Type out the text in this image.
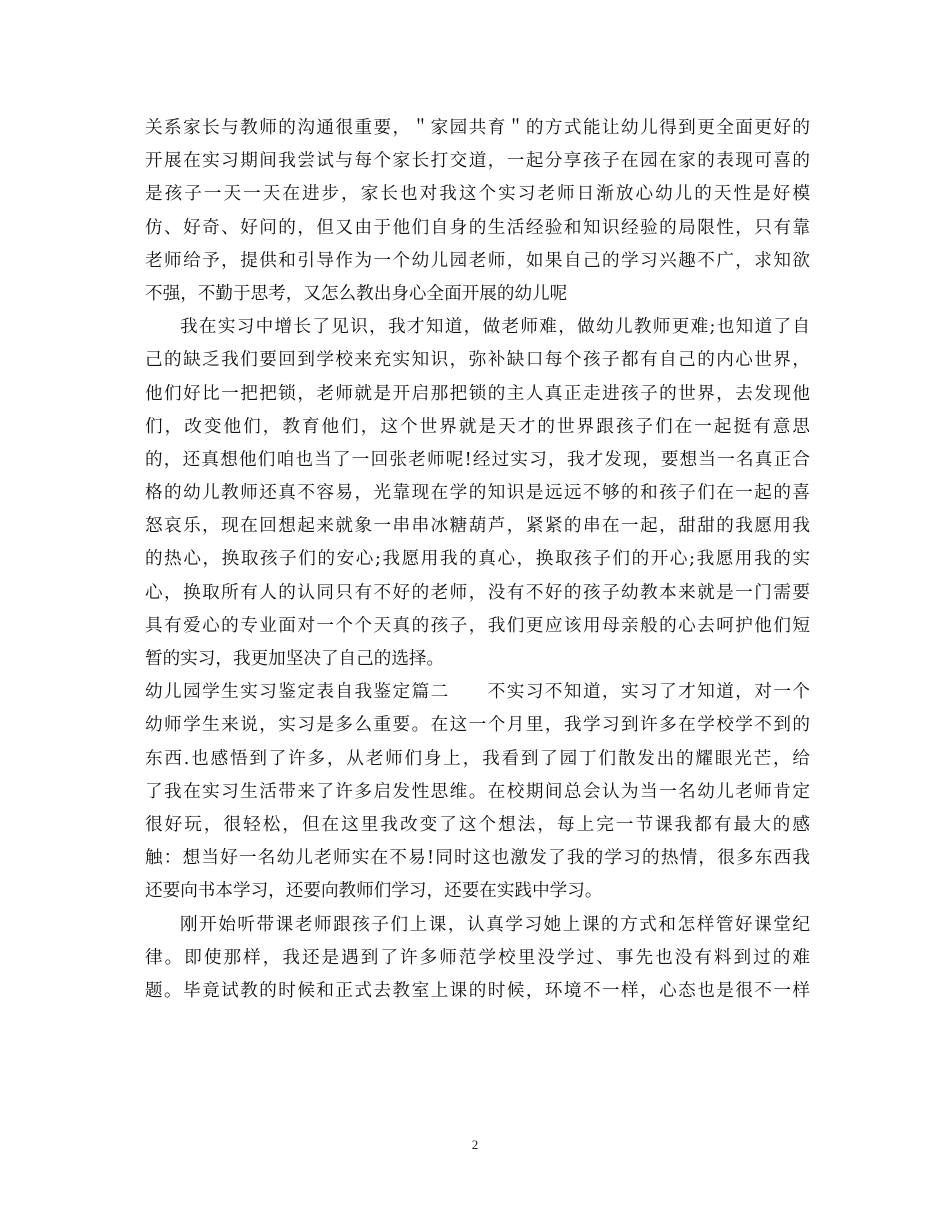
关系家长与教师的沟通很重要，＂家园共育＂的方式能让幼儿得到更全面更好的
开展在实习期间我尝试与每个家长打交道，一起分享孩子在园在家的表现可喜的
是孩子一天一天在进步，家长也对我这个实习老师日渐放心幼儿的天性是好模
仿、好奇、好问的，但又由于他们自身的生活经验和知识经验的局限性，只有靠
老师给予，提供和引导作为一个幼儿园老师，如果自己的学习兴趣不广，求知欲
不强，不勤于思考，又怎么教出身心全面开展的幼儿呢
我在实习中增长了见识，我才知道，做老师难，做幼儿教师更难;也知道了自
己的缺乏我们要回到学校来充实知识，弥补缺口每个孩子都有自己的内心世界，
他们好比一把把锁，老师就是开启那把锁的主人真正走进孩子的世界，去发现他
们，改变他们，教育他们，这个世界就是天才的世界跟孩子们在一起挺有意思
的，还真想他们咱也当了一回张老师呢!经过实习，我才发现，要想当一名真正合
格的幼儿教师还真不容易，光靠现在学的知识是远远不够的和孩子们在一起的喜
怒哀乐，现在回想起来就象一串串冰糖葫芦，紧紧的串在一起，甜甜的我愿用我
的热心，换取孩子们的安心;我愿用我的真心，换取孩子们的开心;我愿用我的实
心，换取所有人的认同只有不好的老师，没有不好的孩子幼教本来就是一门需要
具有爱心的专业面对一个个天真的孩子，我们更应该用母亲般的心去呵护他们短
暂的实习，我更加坚决了自己的选择。
幼儿园学生实习鉴定表自我鉴定篇二　　不实习不知道，实习了才知道，对一个
幼师学生来说，实习是多么重要。在这一个月里，我学习到许多在学校学不到的
东西.也感悟到了许多，从老师们身上，我看到了园丁们散发出的耀眼光芒，给
了我在实习生活带来了许多启发性思维。在校期间总会认为当一名幼儿老师肯定
很好玩，很轻松，但在这里我改变了这个想法，每上完一节课我都有最大的感
触：想当好一名幼儿老师实在不易!同时这也激发了我的学习的热情，很多东西我
还要向书本学习，还要向教师们学习，还要在实践中学习。
刚开始听带课老师跟孩子们上课，认真学习她上课的方式和怎样管好课堂纪
律。即使那样，我还是遇到了许多师范学校里没学过、事先也没有料到过的难
题。毕竟试教的时候和正式去教室上课的时候，环境不一样，心态也是很不一样
2
